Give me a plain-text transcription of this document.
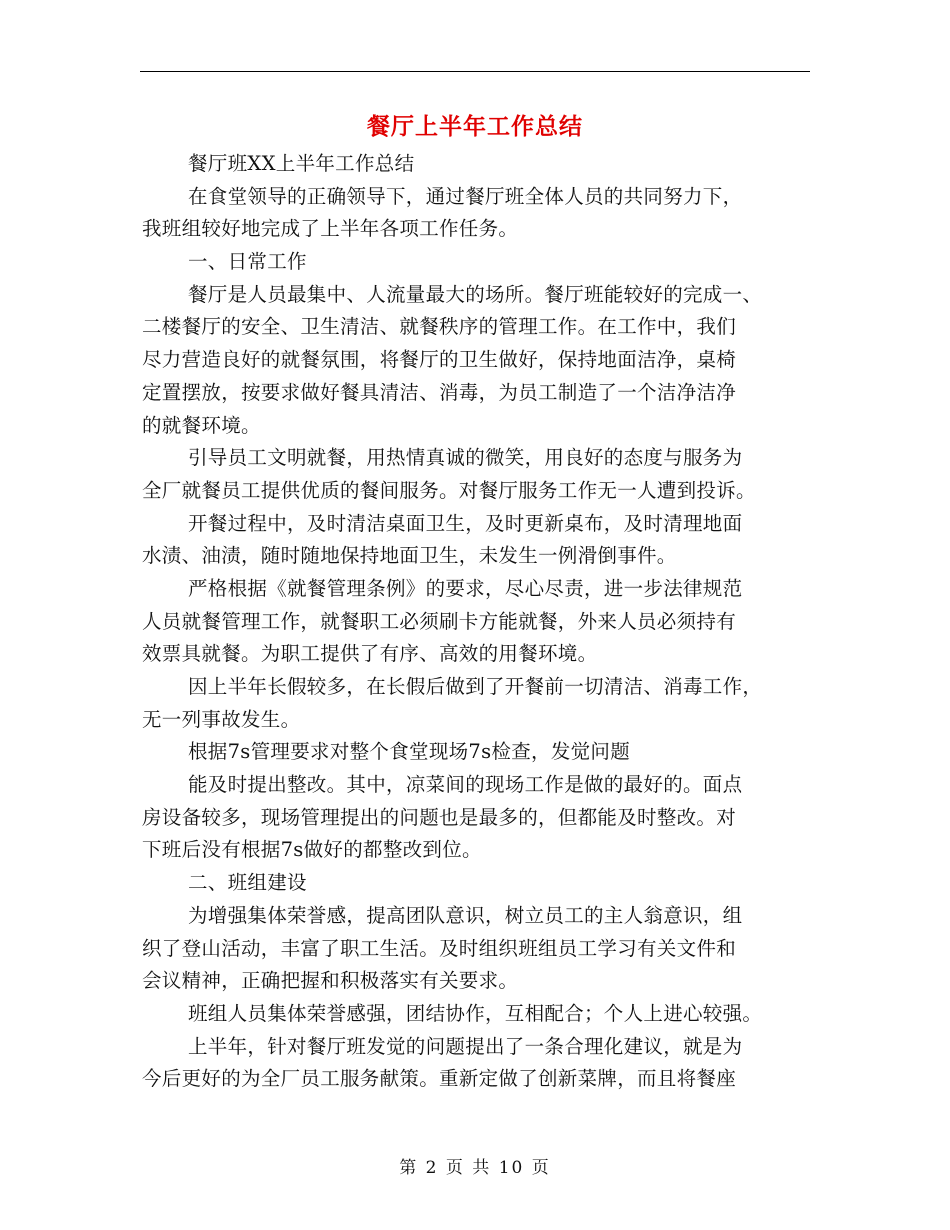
餐厅上半年工作总结
餐厅班XX上半年工作总结
在食堂领导的正确领导下，通过餐厅班全体人员的共同努力下，
我班组较好地完成了上半年各项工作任务。
一、日常工作
餐厅是人员最集中、人流量最大的场所。餐厅班能较好的完成一、
二楼餐厅的安全、卫生清洁、就餐秩序的管理工作。在工作中，我们
尽力营造良好的就餐氛围，将餐厅的卫生做好，保持地面洁净，桌椅
定置摆放，按要求做好餐具清洁、消毒，为员工制造了一个洁净洁净
的就餐环境。
引导员工文明就餐，用热情真诚的微笑，用良好的态度与服务为
全厂就餐员工提供优质的餐间服务。对餐厅服务工作无一人遭到投诉。
开餐过程中，及时清洁桌面卫生，及时更新桌布，及时清理地面
水渍、油渍，随时随地保持地面卫生，未发生一例滑倒事件。
严格根据《就餐管理条例》的要求，尽心尽责，进一步法律规范
人员就餐管理工作，就餐职工必须刷卡方能就餐，外来人员必须持有
效票具就餐。为职工提供了有序、高效的用餐环境。
因上半年长假较多，在长假后做到了开餐前一切清洁、消毒工作，
无一列事故发生。
根据7s管理要求对整个食堂现场7s检查，发觉问题
能及时提出整改。其中，凉菜间的现场工作是做的最好的。面点
房设备较多，现场管理提出的问题也是最多的，但都能及时整改。对
下班后没有根据7s做好的都整改到位。
二、班组建设
为增强集体荣誉感，提高团队意识，树立员工的主人翁意识，组
织了登山活动，丰富了职工生活。及时组织班组员工学习有关文件和
会议精神，正确把握和积极落实有关要求。
班组人员集体荣誉感强，团结协作，互相配合；个人上进心较强。
上半年，针对餐厅班发觉的问题提出了一条合理化建议，就是为
今后更好的为全厂员工服务献策。重新定做了创新菜牌，而且将餐座
第 2 页 共 10 页
